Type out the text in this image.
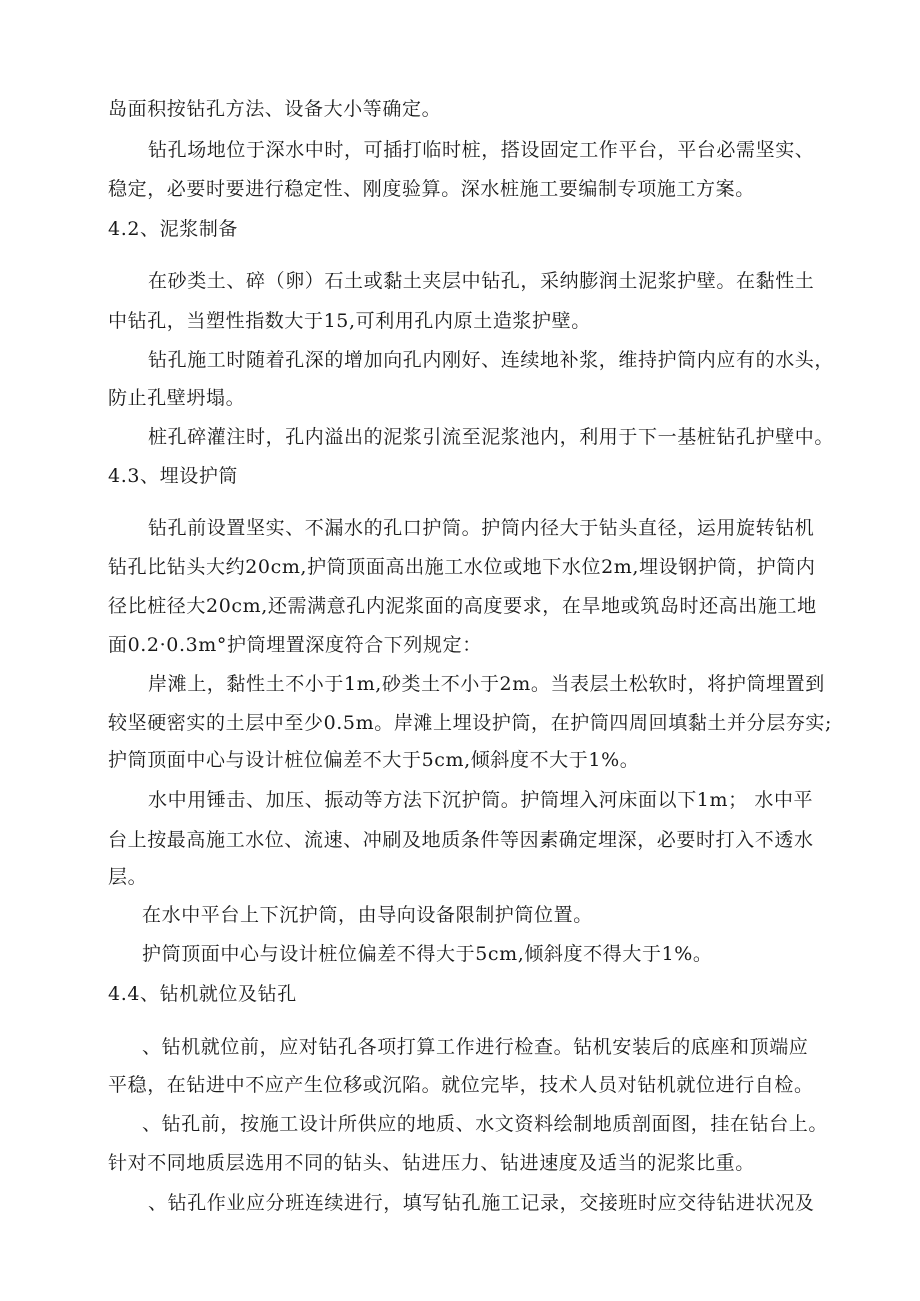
岛面积按钻孔方法、设备大小等确定。
钻孔场地位于深水中时，可插打临时桩，搭设固定工作平台，平台必需坚实、
稳定，必要时要进行稳定性、刚度验算。深水桩施工要编制专项施工方案。
4.2、泥浆制备
在砂类土、碎（卵）石土或黏土夹层中钻孔，采纳膨润土泥浆护壁。在黏性土
中钻孔，当塑性指数大于15,可利用孔内原土造浆护壁。
钻孔施工时随着孔深的增加向孔内刚好、连续地补浆，维持护筒内应有的水头，
防止孔壁坍塌。
桩孔碎灌注时，孔内溢出的泥浆引流至泥浆池内，利用于下一基桩钻孔护壁中。
4.3、埋设护筒
钻孔前设置坚实、不漏水的孔口护筒。护筒内径大于钻头直径，运用旋转钻机
钻孔比钻头大约20cm,护筒顶面高出施工水位或地下水位2m,埋设钢护筒，护筒内
径比桩径大20cm,还需满意孔内泥浆面的高度要求，在旱地或筑岛时还高出施工地
面0.2·0.3m°护筒埋置深度符合下列规定：
岸滩上，黏性土不小于1m,砂类土不小于2m。当表层土松软时，将护筒埋置到
较坚硬密实的土层中至少0.5m。岸滩上埋设护筒，在护筒四周回填黏土并分层夯实;
护筒顶面中心与设计桩位偏差不大于5cm,倾斜度不大于1%。
水中用锤击、加压、振动等方法下沉护筒。护筒埋入河床面以下1m； 水中平
台上按最高施工水位、流速、冲刷及地质条件等因素确定埋深，必要时打入不透水
层。
在水中平台上下沉护筒，由导向设备限制护筒位置。
护筒顶面中心与设计桩位偏差不得大于5cm,倾斜度不得大于1%。
4.4、钻机就位及钻孔
、钻机就位前，应对钻孔各项打算工作进行检查。钻机安装后的底座和顶端应
平稳，在钻进中不应产生位移或沉陷。就位完毕，技术人员对钻机就位进行自检。
、钻孔前，按施工设计所供应的地质、水文资料绘制地质剖面图，挂在钻台上。
针对不同地质层选用不同的钻头、钻进压力、钻进速度及适当的泥浆比重。
、钻孔作业应分班连续进行，填写钻孔施工记录，交接班时应交待钻进状况及
